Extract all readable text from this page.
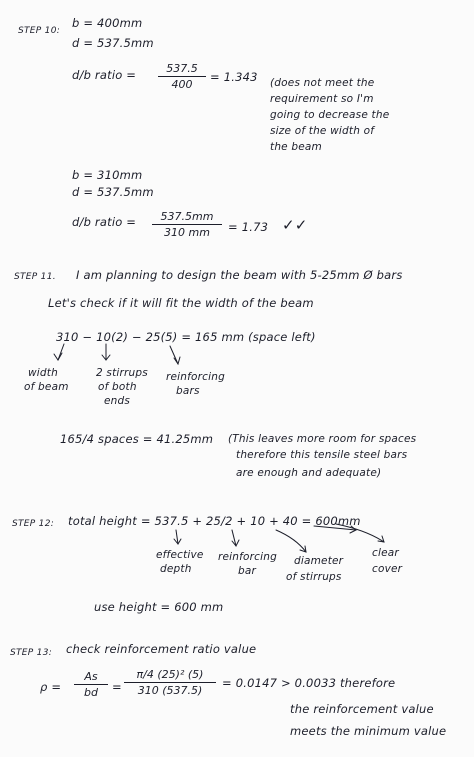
STEP 10:
b = 400mm
d = 537.5mm
d/b ratio =	537.5
400
= 1.343 (does not meet the
requirement so I'm
going to decrease the
size of the width of
the beam
b = 310mm
d = 537.5mm
d/b ratio =	537.5mm
310 mm	= 1.73 ✓✓
STEP 11. I am planning to design the beam with 5-25mm Ø bars
Let's check if it will fit the width of the beam
310 − 10(2) − 25(5) = 165 mm (space left)
width
of beam
2 stirrups
of both
ends
reinforcing
bars
165/4 spaces = 41.25mm (This leaves more room for spaces
therefore this tensile steel bars
are enough and adequate)
STEP 12: total height = 537.5 + 25/2 + 10 + 40 = 600mm
effective
depth
reinforcing
bar
diameter
of stirrups
clear
cover
use height = 600 mm
STEP 13: check reinforcement ratio value
ρ =
As
bd	=
π/4 (25)² (5)
310 (537.5)
= 0.0147 > 0.0033 therefore
the reinforcement value
meets the minimum value
